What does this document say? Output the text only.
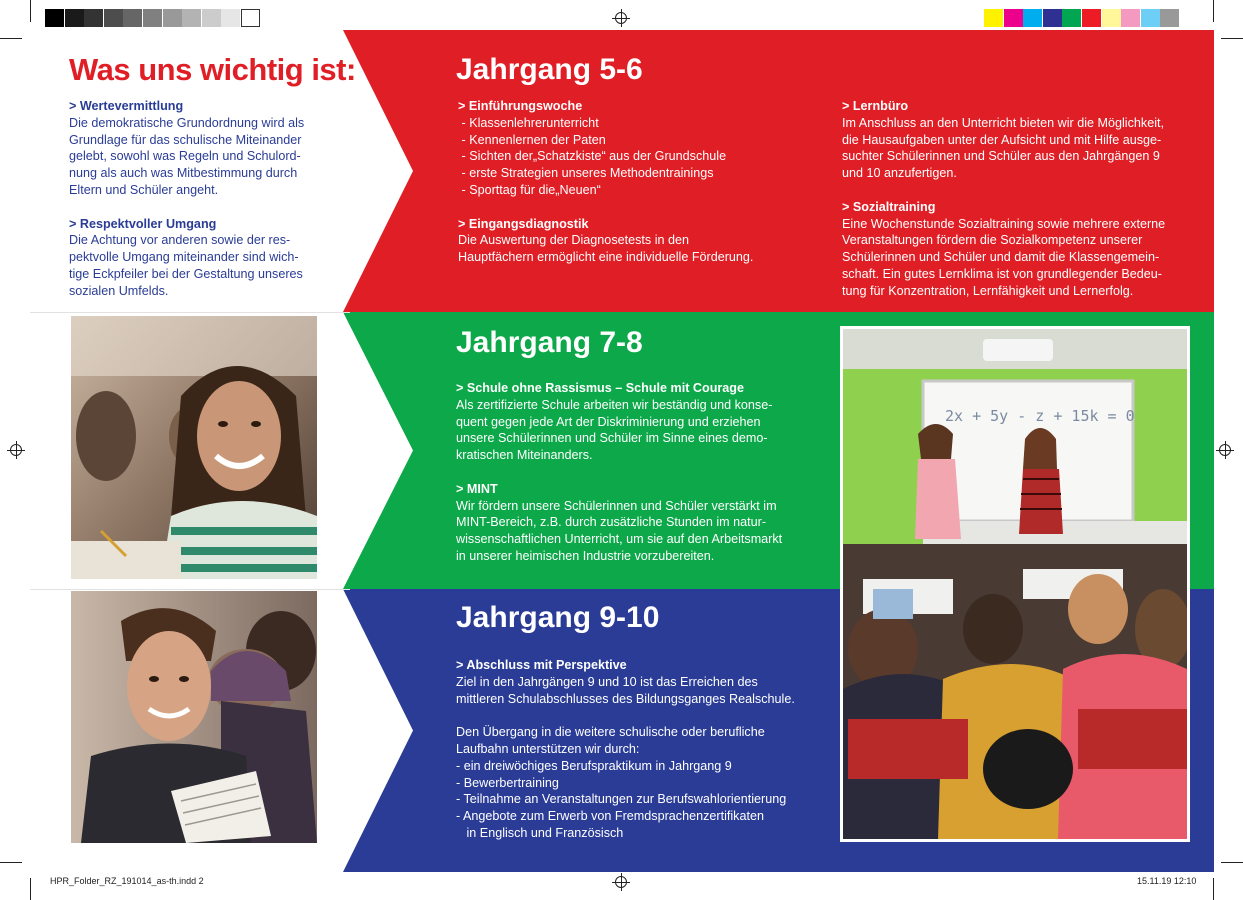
Was uns wichtig ist:
> Wertevermittlung
Die demokratische Grundordnung wird als
Grundlage für das schulische Miteinander
gelebt, sowohl was Regeln und Schulord-
nung als auch was Mitbestimmung durch
Eltern und Schüler angeht.
> Respektvoller Umgang
Die Achtung vor anderen sowie der res-
pektvolle Umgang miteinander sind wich-
tige Eckpfeiler bei der Gestaltung unseres
sozialen Umfelds.
Jahrgang 5-6
> Einführungswoche
- Klassenlehrerunterricht
- Kennenlernen der Paten
- Sichten der„Schatzkiste“ aus der Grundschule
- erste Strategien unseres Methodentrainings
- Sporttag für die„Neuen“
> Eingangsdiagnostik
Die Auswertung der Diagnosetests in den
Hauptfächern ermöglicht eine individuelle Förderung.
> Lernbüro
Im Anschluss an den Unterricht bieten wir die Möglichkeit,
die Hausaufgaben unter der Aufsicht und mit Hilfe ausge-
suchter Schülerinnen und Schüler aus den Jahrgängen 9
und 10 anzufertigen.
> Sozialtraining
Eine Wochenstunde Sozialtraining sowie mehrere externe
Veranstaltungen fördern die Sozialkompetenz unserer
Schülerinnen und Schüler und damit die Klassengemein-
schaft. Ein gutes Lernklima ist von grundlegender Bedeu-
tung für Konzentration, Lernfähigkeit und Lernerfolg.
Jahrgang 7-8
> Schule ohne Rassismus – Schule mit Courage
Als zertifizierte Schule arbeiten wir beständig und konse-
quent gegen jede Art der Diskriminierung und erziehen
unsere Schülerinnen und Schüler im Sinne eines demo-
kratischen Miteinanders.
> MINT
Wir fördern unsere Schülerinnen und Schüler verstärkt im
MINT-Bereich, z.B. durch zusätzliche Stunden im natur-
wissenschaftlichen Unterricht, um sie auf den Arbeitsmarkt
in unserer heimischen Industrie vorzubereiten.
Jahrgang 9-10
> Abschluss mit Perspektive
Ziel in den Jahrgängen 9 und 10 ist das Erreichen des
mittleren Schulabschlusses des Bildungsganges Realschule.
Den Übergang in die weitere schulische oder berufliche
Laufbahn unterstützen wir durch:
- ein dreiwöchiges Berufspraktikum in Jahrgang 9
- Bewerbertraining
- Teilnahme an Veranstaltungen zur Berufswahlorientierung
- Angebote zum Erwerb von Fremdsprachenzertifikaten
in Englisch und Französisch
2x + 5y - z + 15k = 0
HPR_Folder_RZ_191014_as-th.indd 2	15.11.19 12:10
